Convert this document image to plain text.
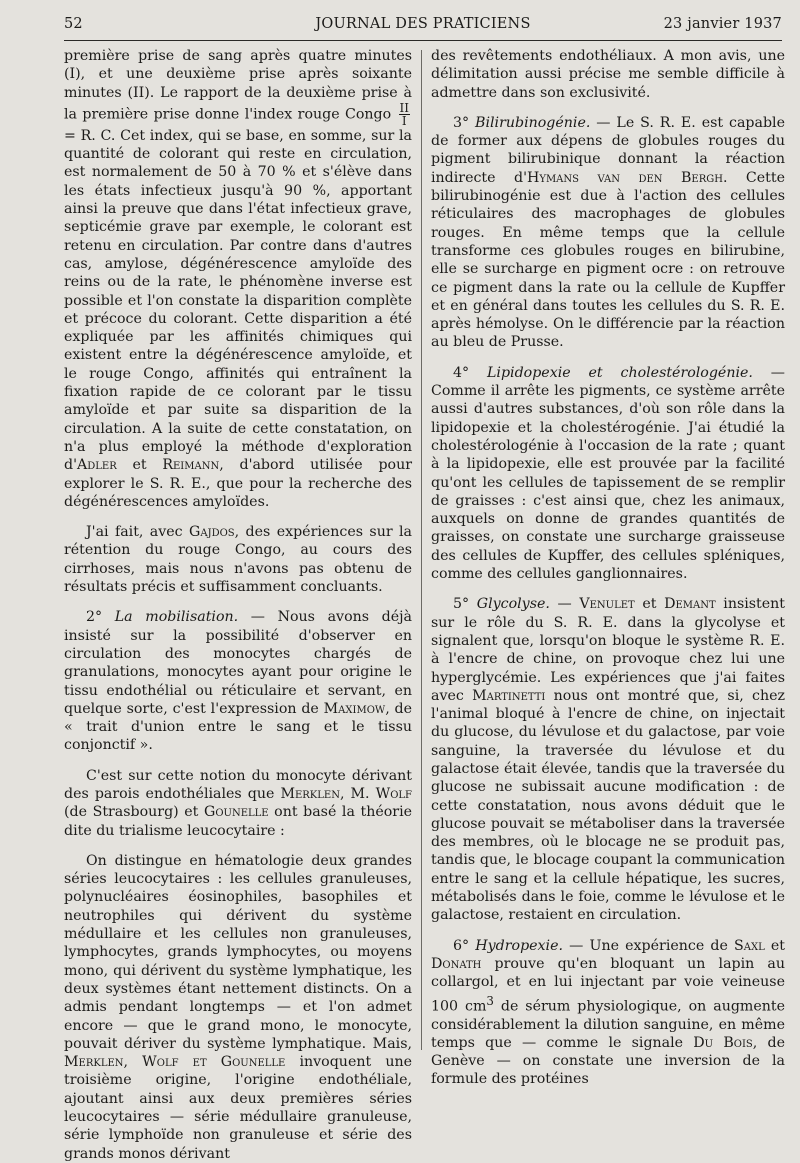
52	JOURNAL DES PRATICIENS	23 janvier 1937

première prise de sang après quatre minutes (I), et une deuxième prise après soixante minutes (II). Le rapport de la deuxième prise à la première prise donne l'index rouge Congo $\frac{II}{I}$
= R. C. Cet index, qui se base, en somme, sur la quantité de colorant qui reste en circulation, est normalement de 50 à 70 % et s'élève dans les états infectieux jusqu'à 90 %, apportant ainsi la preuve que dans l'état infectieux grave, septicémie grave par exemple, le colorant est retenu en circulation. Par contre dans d'autres cas, amylose, dégénérescence amyloïde des reins ou de la rate, le phénomène inverse est possible et l'on constate la disparition complète et précoce du colorant. Cette disparition a été expliquée par les affinités chimiques qui existent entre la dégénérescence amyloïde, et le rouge Congo, affinités qui entraînent la fixation rapide de ce colorant par le tissu amyloïde et par suite sa disparition de la circulation. A la suite de cette constatation, on n'a plus employé la méthode d'exploration d'Adler et Reimann, d'abord utilisée pour explorer le S. R. E., que pour la recherche des dégénérescences amyloïdes.

J'ai fait, avec Gajdos, des expériences sur la rétention du rouge Congo, au cours des cirrhoses, mais nous n'avons pas obtenu de résultats précis et suffisamment concluants.

2° La mobilisation. — Nous avons déjà insisté sur la possibilité d'observer en circulation des monocytes chargés de granulations, monocytes ayant pour origine le tissu endothélial ou réticulaire et servant, en quelque sorte, c'est l'expression de Maximow, de « trait d'union entre le sang et le tissu conjonctif ».

C'est sur cette notion du monocyte dérivant des parois endothéliales que Merklen, M. Wolf (de Strasbourg) et Gounelle ont basé la théorie dite du trialisme leucocytaire :

On distingue en hématologie deux grandes séries leucocytaires : les cellules granuleuses, polynucléaires éosinophiles, basophiles et neutrophiles qui dérivent du système médullaire et les cellules non granuleuses, lymphocytes, grands lymphocytes, ou moyens mono, qui dérivent du système lymphatique, les deux systèmes étant nettement distincts. On a admis pendant longtemps — et l'on admet encore — que le grand mono, le monocyte, pouvait dériver du système lymphatique. Mais, Merklen, Wolf et Gounelle invoquent une troisième origine, l'origine endothéliale, ajoutant ainsi aux deux premières séries leucocytaires — série médullaire granuleuse, série lymphoïde non granuleuse et série des grands monos dérivant

des revêtements endothéliaux. A mon avis, une délimitation aussi précise me semble difficile à admettre dans son exclusivité.

3° Bilirubinogénie. — Le S. R. E. est capable de former aux dépens de globules rouges du pigment bilirubinique donnant la réaction indirecte d'Hymans van den Bergh. Cette bilirubinogénie est due à l'action des cellules réticulaires des macrophages de globules rouges. En même temps que la cellule transforme ces globules rouges en bilirubine, elle se surcharge en pigment ocre : on retrouve ce pigment dans la rate ou la cellule de Kupffer et en général dans toutes les cellules du S. R. E. après hémolyse. On le différencie par la réaction au bleu de Prusse.

4° Lipidopexie et cholestérologénie. — Comme il arrête les pigments, ce système arrête aussi d'autres substances, d'où son rôle dans la lipidopexie et la cholestérogénie. J'ai étudié la cholestérologénie à l'occasion de la rate ; quant à la lipidopexie, elle est prouvée par la facilité qu'ont les cellules de tapissement de se remplir de graisses : c'est ainsi que, chez les animaux, auxquels on donne de grandes quantités de graisses, on constate une surcharge graisseuse des cellules de Kupffer, des cellules spléniques, comme des cellules ganglionnaires.

5° Glycolyse. — Venulet et Demant insistent sur le rôle du S. R. E. dans la glycolyse et signalent que, lorsqu'on bloque le système R. E. à l'encre de chine, on provoque chez lui une hyperglycémie. Les expériences que j'ai faites avec Martinetti nous ont montré que, si, chez l'animal bloqué à l'encre de chine, on injectait du glucose, du lévulose et du galactose, par voie sanguine, la traversée du lévulose et du galactose était élevée, tandis que la traversée du glucose ne subissait aucune modification : de cette constatation, nous avons déduit que le glucose pouvait se métaboliser dans la traversée des membres, où le blocage ne se produit pas, tandis que, le blocage coupant la communication entre le sang et la cellule hépatique, les sucres, métabolisés dans le foie, comme le lévulose et le galactose, restaient en circulation.

6° Hydropexie. — Une expérience de Saxl et Donath prouve qu'en bloquant un lapin au collargol, et en lui injectant par voie veineuse 100 $cm^3$ de sérum physiologique, on augmente considérablement la dilution sanguine, en même temps que — comme le signale Du Bois, de Genève — on constate une inversion de la formule des protéines
